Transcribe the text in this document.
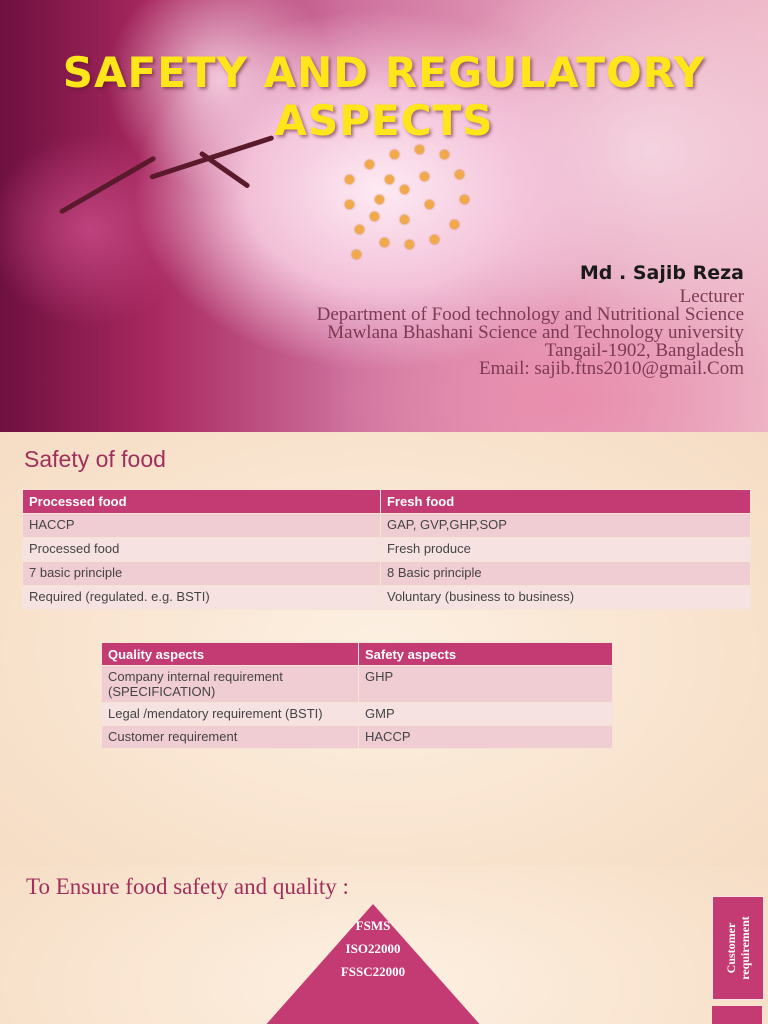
SAFETY AND REGULATORY
ASPECTS
Md . Sajib Reza
Lecturer
Department of Food technology and Nutritional Science
Mawlana Bhashani Science and Technology university
Tangail-1902, Bangladesh
Email: sajib.ftns2010@gmail.Com
Safety of food
Processed food	Fresh food
HACCP	GAP, GVP,GHP,SOP
Processed food	Fresh produce
7 basic principle	8 Basic principle
Required (regulated. e.g. BSTI)	Voluntary (business to business)
Quality aspects	Safety aspects
Company internal requirement (SPECIFICATION)	GHP
Legal /mendatory requirement (BSTI)	GMP
Customer requirement	HACCP
To Ensure food safety and quality :
FSMS
ISO22000
FSSC22000	Customer
requirement
